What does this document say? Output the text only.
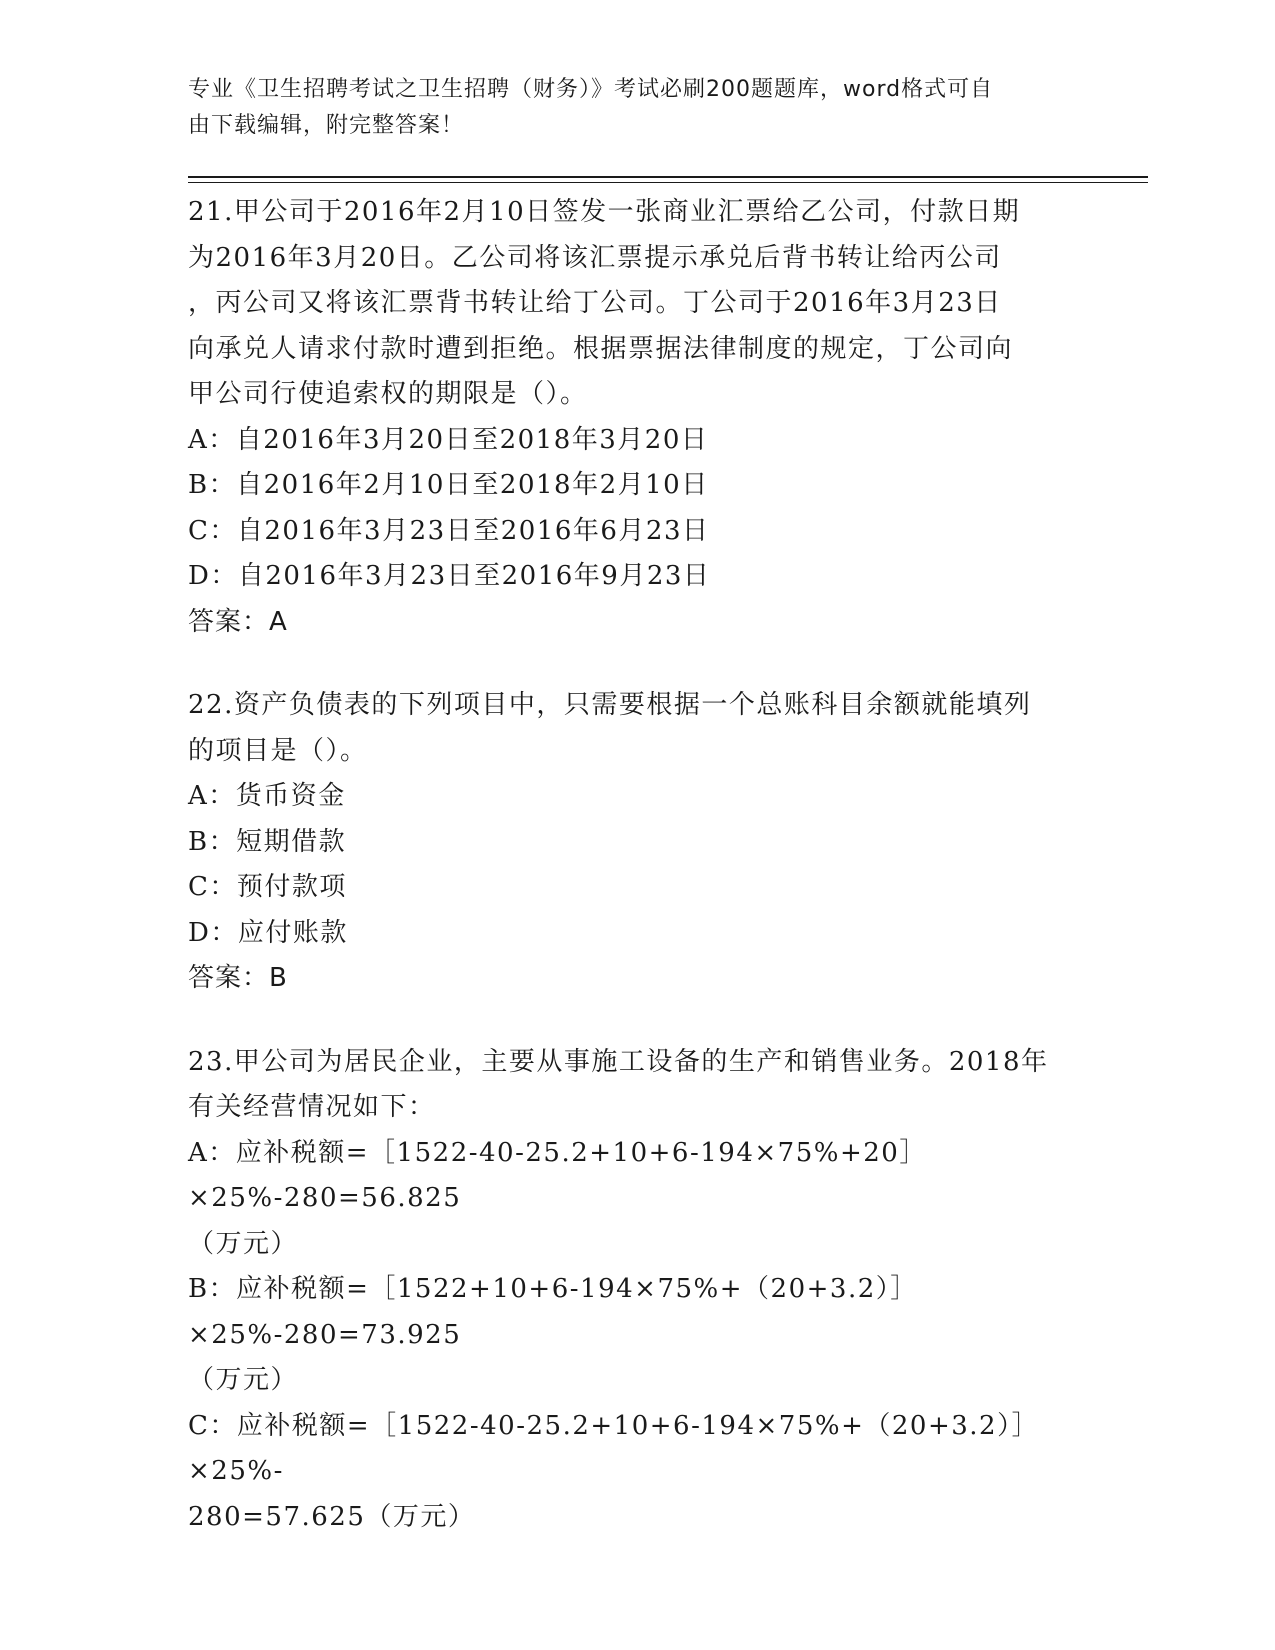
专业《卫生招聘考试之卫生招聘（财务）》考试必刷200题题库，word格式可自
由下载编辑，附完整答案！
21.甲公司于2016年2月10日签发一张商业汇票给乙公司，付款日期
为2016年3月20日。乙公司将该汇票提示承兑后背书转让给丙公司
，丙公司又将该汇票背书转让给丁公司。丁公司于2016年3月23日
向承兑人请求付款时遭到拒绝。根据票据法律制度的规定，丁公司向
甲公司行使追索权的期限是（）。
A：自2016年3月20日至2018年3月20日
B：自2016年2月10日至2018年2月10日
C：自2016年3月23日至2016年6月23日
D：自2016年3月23日至2016年9月23日
答案：A
22.资产负债表的下列项目中，只需要根据一个总账科目余额就能填列
的项目是（）。
A：货币资金
B：短期借款
C：预付款项
D：应付账款
答案：B
23.甲公司为居民企业，主要从事施工设备的生产和销售业务。2018年
有关经营情况如下：
A：应补税额=［1522-40-25.2+10+6-194×75%+20］×25%-280=56.825
（万元）
B：应补税额=［1522+10+6-194×75%+（20+3.2）］×25%-280=73.925
（万元）
C：应补税额=［1522-40-25.2+10+6-194×75%+（20+3.2）］×25%-
280=57.625（万元）
